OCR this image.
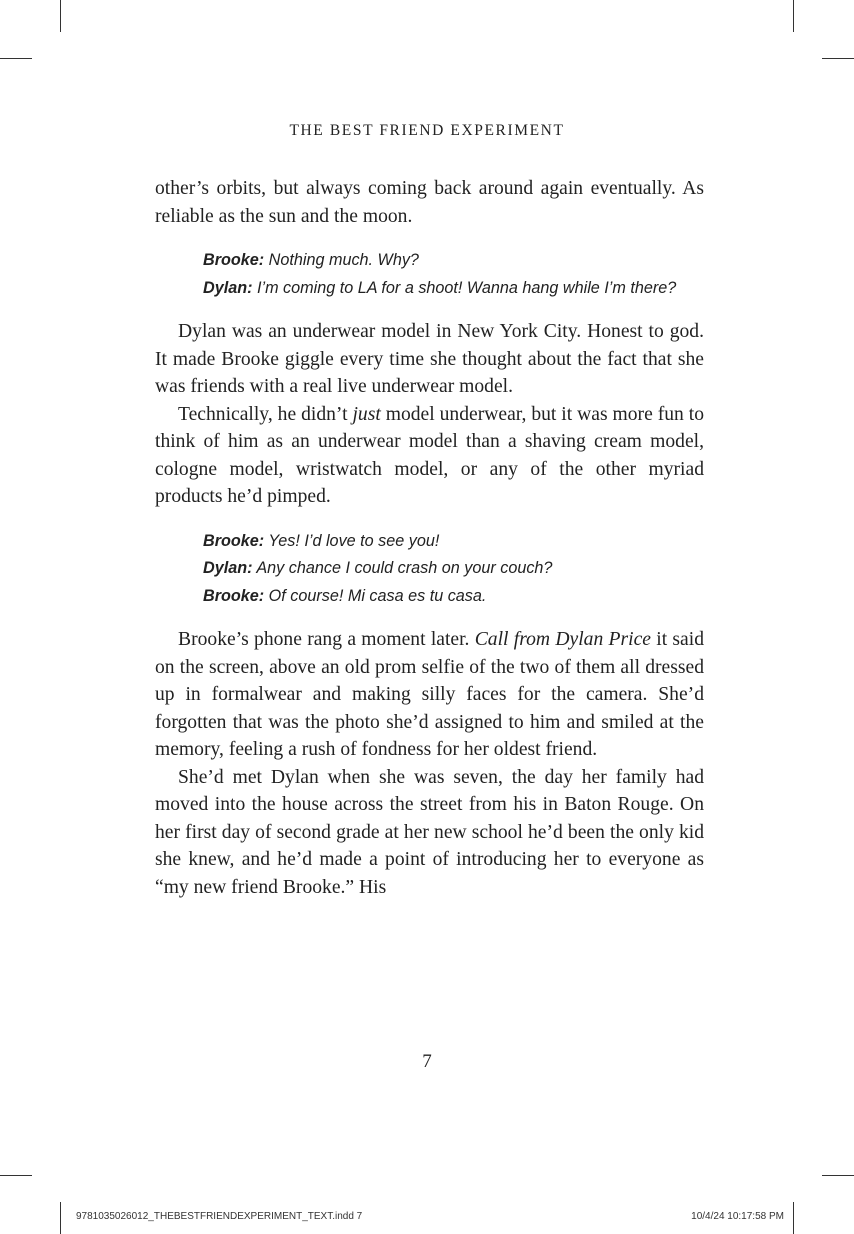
THE BEST FRIEND EXPERIMENT

other’s orbits, but always coming back around again eventually. As reliable as the sun and the moon.

Brooke: Nothing much. Why?
Dylan: I’m coming to LA for a shoot! Wanna hang while I’m there?

Dylan was an underwear model in New York City. Honest to god. It made Brooke giggle every time she thought about the fact that she was friends with a real live underwear model.

Technically, he didn’t just model underwear, but it was more fun to think of him as an underwear model than a shaving cream model, cologne model, wristwatch model, or any of the other myriad products he’d pimped.

Brooke: Yes! I’d love to see you!
Dylan: Any chance I could crash on your couch?
Brooke: Of course! Mi casa es tu casa.

Brooke’s phone rang a moment later. Call from Dylan Price it said on the screen, above an old prom selfie of the two of them all dressed up in formalwear and making silly faces for the camera. She’d forgotten that was the photo she’d assigned to him and smiled at the memory, feeling a rush of fondness for her oldest friend.

She’d met Dylan when she was seven, the day her family had moved into the house across the street from his in Baton Rouge. On her first day of second grade at her new school he’d been the only kid she knew, and he’d made a point of introducing her to everyone as “my new friend Brooke.” His

7
9781035026012_THEBESTFRIENDEXPERIMENT_TEXT.indd 7	10/4/24 10:17:58 PM
